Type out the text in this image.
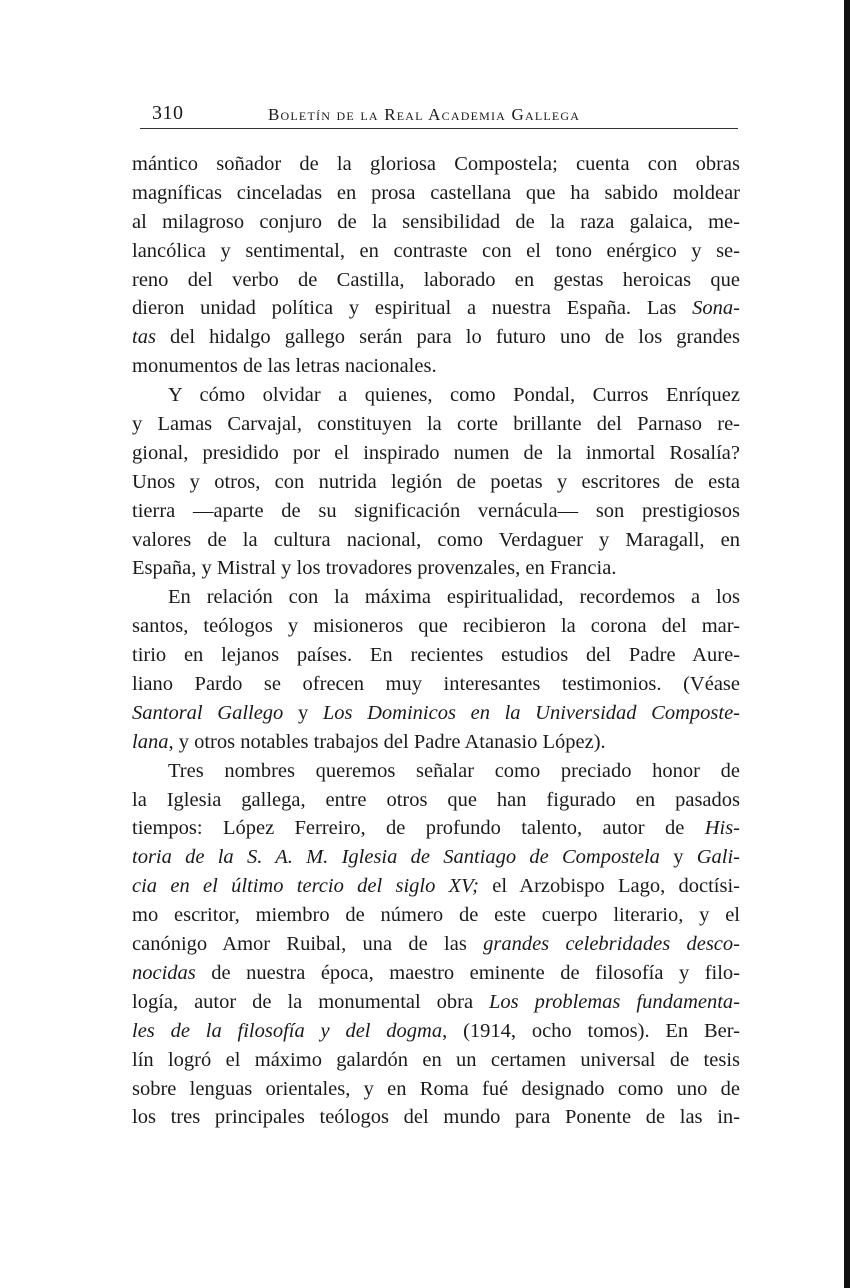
310	Boletín de la Real Academia Gallega
mántico soñador de la gloriosa Compostela; cuenta con obras
magníficas cinceladas en prosa castellana que ha sabido moldear
al milagroso conjuro de la sensibilidad de la raza galaica, me-
lancólica y sentimental, en contraste con el tono enérgico y se-
reno del verbo de Castilla, laborado en gestas heroicas que
dieron unidad política y espiritual a nuestra España. Las Sona-
tas del hidalgo gallego serán para lo futuro uno de los grandes
monumentos de las letras nacionales.
Y cómo olvidar a quienes, como Pondal, Curros Enríquez
y Lamas Carvajal, constituyen la corte brillante del Parnaso re-
gional, presidido por el inspirado numen de la inmortal Rosalía?
Unos y otros, con nutrida legión de poetas y escritores de esta
tierra —aparte de su significación vernácula— son prestigiosos
valores de la cultura nacional, como Verdaguer y Maragall, en
España, y Mistral y los trovadores provenzales, en Francia.
En relación con la máxima espiritualidad, recordemos a los
santos, teólogos y misioneros que recibieron la corona del mar-
tirio en lejanos países. En recientes estudios del Padre Aure-
liano Pardo se ofrecen muy interesantes testimonios. (Véase
Santoral Gallego y Los Dominicos en la Universidad Composte-
lana, y otros notables trabajos del Padre Atanasio López).
Tres nombres queremos señalar como preciado honor de
la Iglesia gallega, entre otros que han figurado en pasados
tiempos: López Ferreiro, de profundo talento, autor de His-
toria de la S. A. M. Iglesia de Santiago de Compostela y Gali-
cia en el último tercio del siglo XV; el Arzobispo Lago, doctísi-
mo escritor, miembro de número de este cuerpo literario, y el
canónigo Amor Ruibal, una de las grandes celebridades desco-
nocidas de nuestra época, maestro eminente de filosofía y filo-
logía, autor de la monumental obra Los problemas fundamenta-
les de la filosofía y del dogma, (1914, ocho tomos). En Ber-
lín logró el máximo galardón en un certamen universal de tesis
sobre lenguas orientales, y en Roma fué designado como uno de
los tres principales teólogos del mundo para Ponente de las in-
